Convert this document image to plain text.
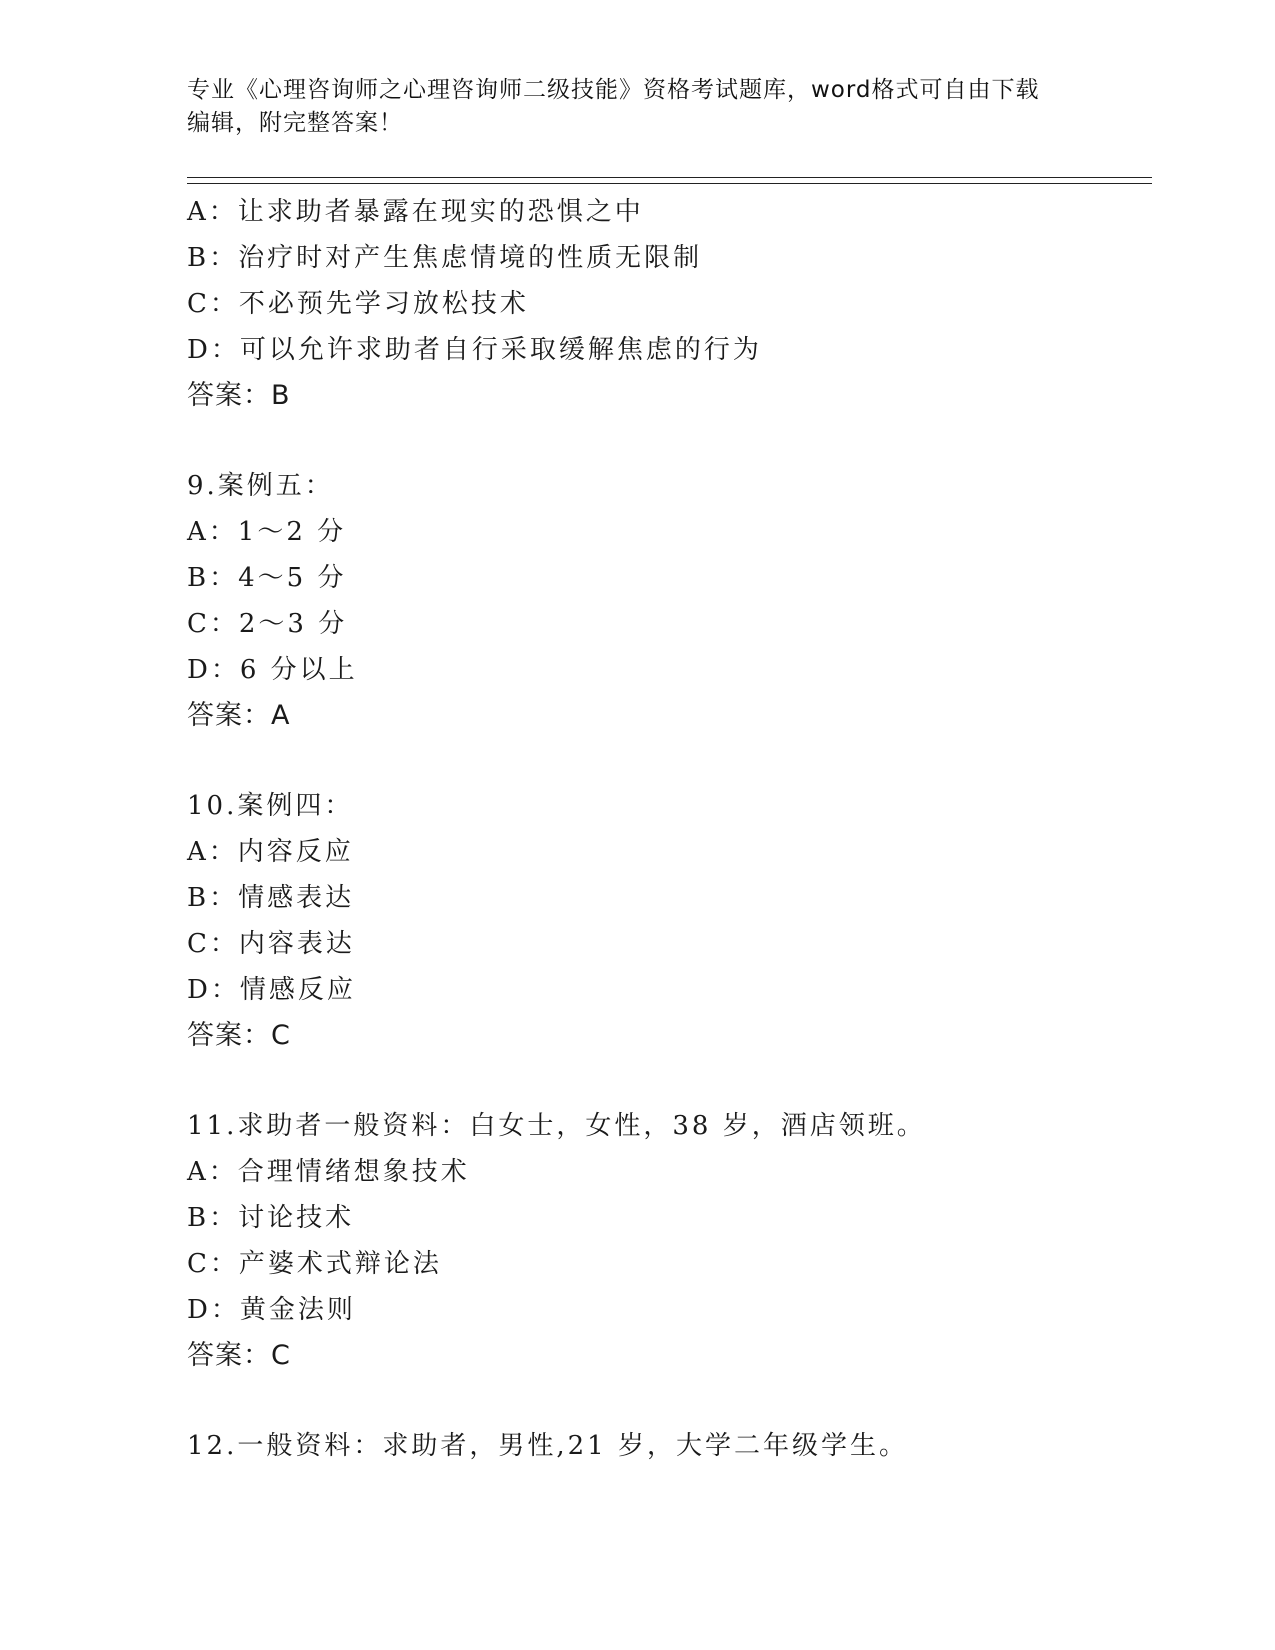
专业《心理咨询师之心理咨询师二级技能》资格考试题库，word格式可自由下载
编辑，附完整答案！
A：让求助者暴露在现实的恐惧之中
B：治疗时对产生焦虑情境的性质无限制
C：不必预先学习放松技术
D：可以允许求助者自行采取缓解焦虑的行为
答案：B
9.案例五：
A：1～2 分
B：4～5 分
C：2～3 分
D：6 分以上
答案：A
10.案例四：
A：内容反应
B：情感表达
C：内容表达
D：情感反应
答案：C
11.求助者一般资料：白女士，女性，38 岁，酒店领班。
A：合理情绪想象技术
B：讨论技术
C：产婆术式辩论法
D：黄金法则
答案：C
12.一般资料：求助者，男性,21 岁，大学二年级学生。
